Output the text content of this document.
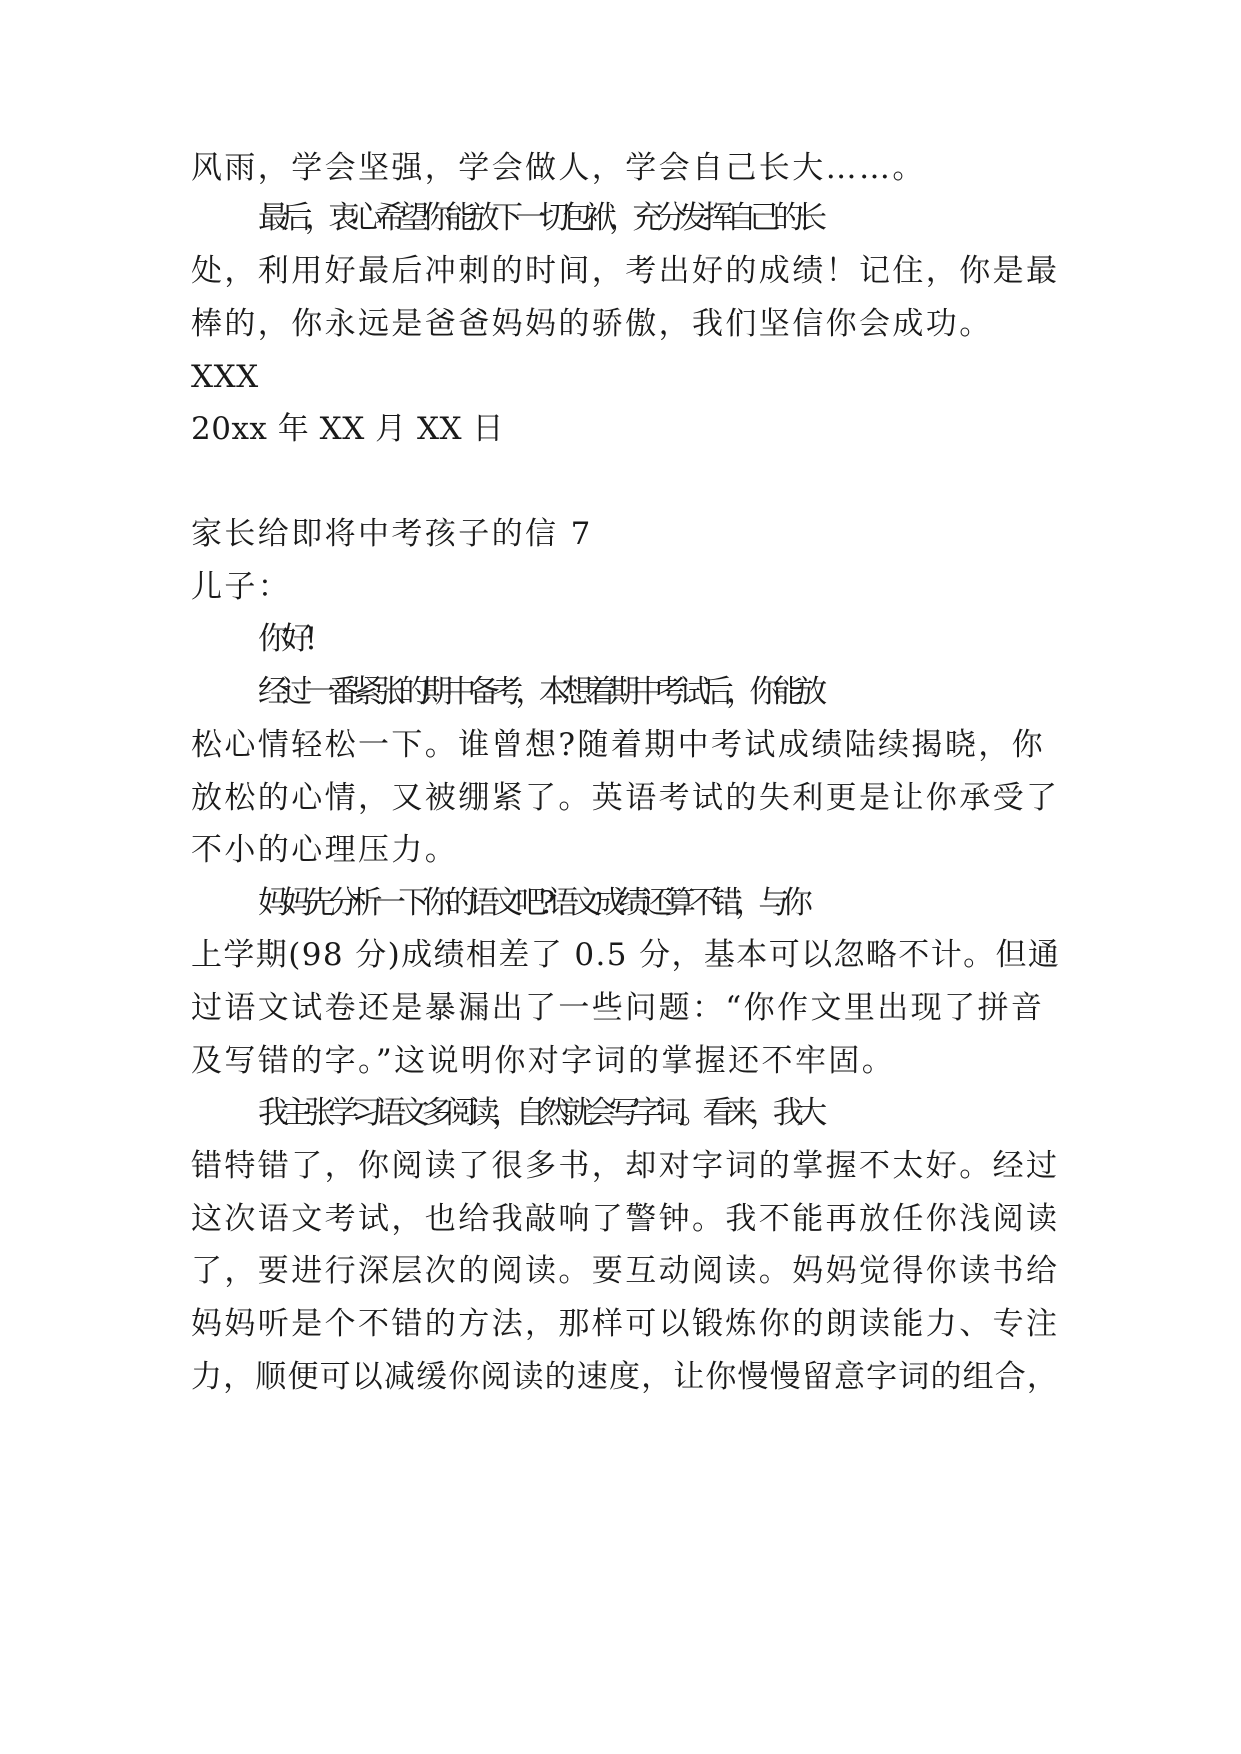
风雨，学会坚强，学会做人，学会自己长大……。
最后，衷心希望你能放下一切包袱，充分发挥自己的长
处，利用好最后冲刺的时间，考出好的成绩！记住，你是最
棒的，你永远是爸爸妈妈的骄傲，我们坚信你会成功。
XXX
20xx 年 XX 月 XX 日
家长给即将中考孩子的信 7
儿子：
你好!
经过一番紧张的期中备考，本想着期中考试后，你能放
松心情轻松一下。谁曾想?随着期中考试成绩陆续揭晓，你
放松的心情，又被绷紧了。英语考试的失利更是让你承受了
不小的心理压力。
妈妈先分析一下你的语文吧?语文成绩还算不错，与你
上学期(98 分)成绩相差了 0.5 分，基本可以忽略不计。但通
过语文试卷还是暴漏出了一些问题：“你作文里出现了拼音
及写错的字。”这说明你对字词的掌握还不牢固。
我主张学习语文多阅读，自然就会写字词。看来，我大
错特错了，你阅读了很多书，却对字词的掌握不太好。经过
这次语文考试，也给我敲响了警钟。我不能再放任你浅阅读
了，要进行深层次的阅读。要互动阅读。妈妈觉得你读书给
妈妈听是个不错的方法，那样可以锻炼你的朗读能力、专注
力，顺便可以减缓你阅读的速度，让你慢慢留意字词的组合，
